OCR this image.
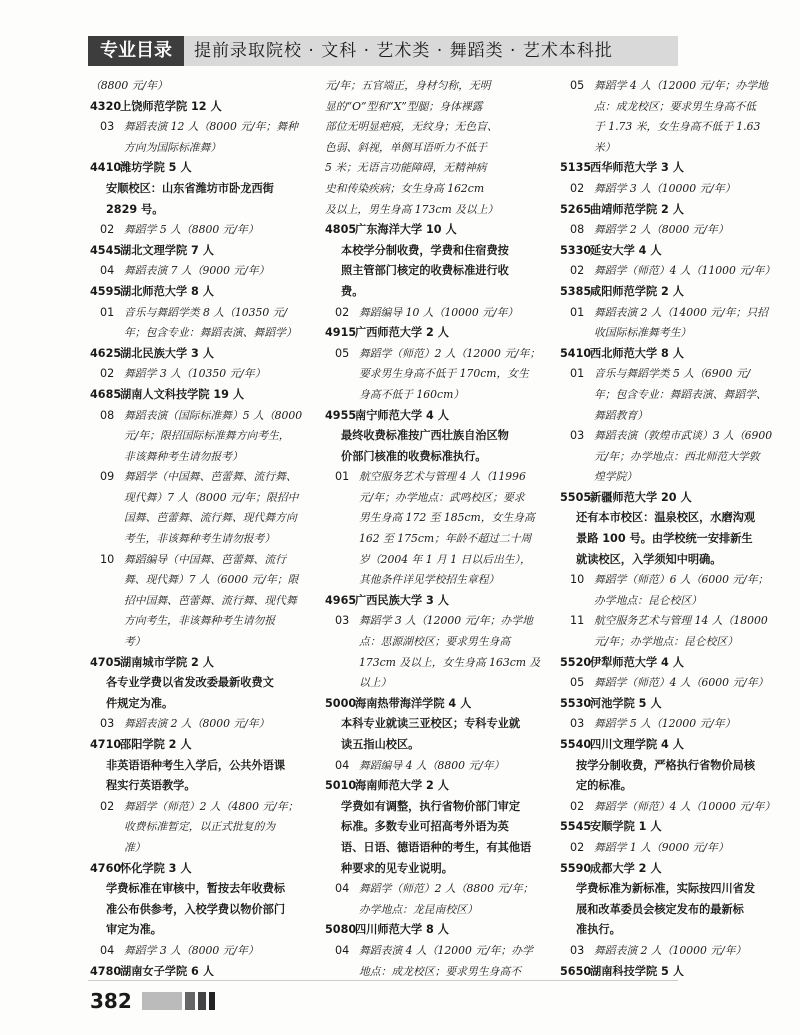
专业目录	提前录取院校 · 文科 · 艺术类 · 舞蹈类 · 艺术本科批
（8800 元/年）
4320上饶师范学院 12 人
03 舞蹈表演 12 人（8000 元/年；舞种
方向为国际标准舞）
4410潍坊学院 5 人
安顺校区：山东省潍坊市卧龙西街
2829 号。
02 舞蹈学 5 人（8800 元/年）
4545湖北文理学院 7 人
04 舞蹈表演 7 人（9000 元/年）
4595湖北师范大学 8 人
01 音乐与舞蹈学类 8 人（10350 元/
年；包含专业：舞蹈表演、舞蹈学）
4625湖北民族大学 3 人
02 舞蹈学 3 人（10350 元/年）
4685湖南人文科技学院 19 人
08 舞蹈表演（国际标准舞）5 人（8000
元/年；限招国际标准舞方向考生，
非该舞种考生请勿报考）
09 舞蹈学（中国舞、芭蕾舞、流行舞、
现代舞）7 人（8000 元/年；限招中
国舞、芭蕾舞、流行舞、现代舞方向
考生，非该舞种考生请勿报考）
10 舞蹈编导（中国舞、芭蕾舞、流行
舞、现代舞）7 人（6000 元/年；限
招中国舞、芭蕾舞、流行舞、现代舞
方向考生，非该舞种考生请勿报
考）
4705湖南城市学院 2 人
各专业学费以省发改委最新收费文
件规定为准。
03 舞蹈表演 2 人（8000 元/年）
4710邵阳学院 2 人
非英语语种考生入学后，公共外语课
程实行英语教学。
02 舞蹈学（师范）2 人（4800 元/年；
收费标准暂定，以正式批复的为
准）
4760怀化学院 3 人
学费标准在审核中，暂按去年收费标
准公布供参考，入校学费以物价部门
审定为准。
04 舞蹈学 3 人（8000 元/年）
4780湖南女子学院 6 人
元/年；五官端正，身材匀称，无明
显的“O”型和“X”型腿；身体裸露
部位无明显疤痕，无纹身；无色盲、
色弱、斜视，单侧耳语听力不低于
5 米；无语言功能障碍，无精神病
史和传染疾病；女生身高 162cm
及以上，男生身高 173cm 及以上）
4805广东海洋大学 10 人
本校学分制收费，学费和住宿费按
照主管部门核定的收费标准进行收
费。
02 舞蹈编导 10 人（10000 元/年）
4915广西师范大学 2 人
05 舞蹈学（师范）2 人（12000 元/年；
要求男生身高不低于 170cm，女生
身高不低于 160cm）
4955南宁师范大学 4 人
最终收费标准按广西壮族自治区物
价部门核准的收费标准执行。
01 航空服务艺术与管理 4 人（11996
元/年；办学地点：武鸣校区；要求
男生身高 172 至 185cm，女生身高
162 至 175cm；年龄不超过二十周
岁（2004 年 1 月 1 日以后出生），
其他条件详见学校招生章程）
4965广西民族大学 3 人
03 舞蹈学 3 人（12000 元/年；办学地
点：思源湖校区；要求男生身高
173cm 及以上，女生身高 163cm 及
以上）
5000海南热带海洋学院 4 人
本科专业就读三亚校区；专科专业就
读五指山校区。
04 舞蹈编导 4 人（8800 元/年）
5010海南师范大学 2 人
学费如有调整，执行省物价部门审定
标准。多数专业可招高考外语为英
语、日语、德语语种的考生，有其他语
种要求的见专业说明。
04 舞蹈学（师范）2 人（8800 元/年；
办学地点：龙昆南校区）
5080四川师范大学 8 人
04 舞蹈表演 4 人（12000 元/年；办学
地点：成龙校区；要求男生身高不
05 舞蹈学 4 人（12000 元/年；办学地
点：成龙校区；要求男生身高不低
于 1.73 米，女生身高不低于 1.63
米）
5135西华师范大学 3 人
02 舞蹈学 3 人（10000 元/年）
5265曲靖师范学院 2 人
08 舞蹈学 2 人（8000 元/年）
5330延安大学 4 人
02 舞蹈学（师范）4 人（11000 元/年）
5385咸阳师范学院 2 人
01 舞蹈表演 2 人（14000 元/年；只招
收国际标准舞考生）
5410西北师范大学 8 人
01 音乐与舞蹈学类 5 人（6900 元/
年；包含专业：舞蹈表演、舞蹈学、
舞蹈教育）
03 舞蹈表演（敦煌市武谈）3 人（6900
元/年；办学地点：西北师范大学敦
煌学院）
5505新疆师范大学 20 人
还有本市校区：温泉校区，水磨沟观
景路 100 号。由学校统一安排新生
就读校区，入学须知中明确。
10 舞蹈学（师范）6 人（6000 元/年；
办学地点：昆仑校区）
11 航空服务艺术与管理 14 人（18000
元/年；办学地点：昆仑校区）
5520伊犁师范大学 4 人
05 舞蹈学（师范）4 人（6000 元/年）
5530河池学院 5 人
03 舞蹈学 5 人（12000 元/年）
5540四川文理学院 4 人
按学分制收费，严格执行省物价局核
定的标准。
02 舞蹈学（师范）4 人（10000 元/年）
5545安顺学院 1 人
02 舞蹈学 1 人（9000 元/年）
5590成都大学 2 人
学费标准为新标准，实际按四川省发
展和改革委员会核定发布的最新标
准执行。
03 舞蹈表演 2 人（10000 元/年）
5650湖南科技学院 5 人
382
